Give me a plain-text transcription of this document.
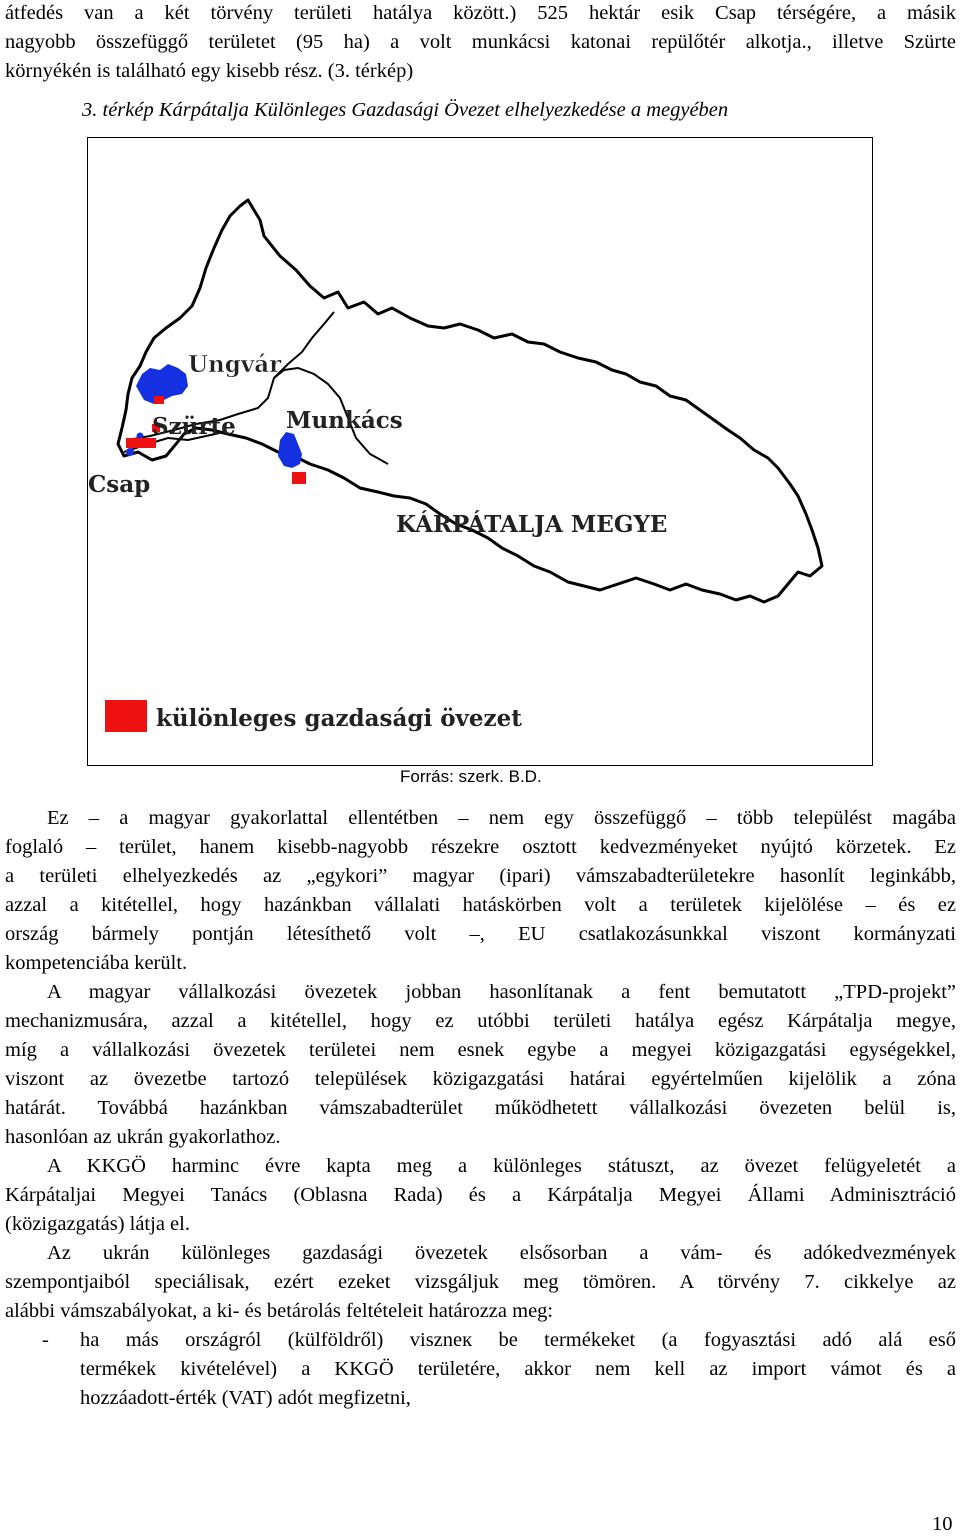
átfedés van a két törvény területi hatálya között.) 525 hektár esik Csap térségére, a másik
nagyobb összefüggő területet (95 ha) a volt munkácsi katonai repülőtér alkotja., illetve Szürte
környékén is található egy kisebb rész. (3. térkép)
3. térkép Kárpátalja Különleges Gazdasági Övezet elhelyezkedése a megyében
Ungvár
Szürte Munkács
Csap
KÁRPÁTALJA MEGYE
különleges gazdasági övezet
Forrás: szerk. B.D.
Ez – a magyar gyakorlattal ellentétben – nem egy összefüggő – több települést magába
foglaló – terület, hanem kisebb-nagyobb részekre osztott kedvezményeket nyújtó körzetek. Ez
a területi elhelyezkedés az „egykori” magyar (ipari) vámszabadterületekre hasonlít leginkább,
azzal a kitétellel, hogy hazánkban vállalati hatáskörben volt a területek kijelölése – és ez
ország bármely pontján létesíthető volt –, EU csatlakozásunkkal viszont kormányzati
kompetenciába került.
A magyar vállalkozási övezetek jobban hasonlítanak a fent bemutatott „TPD-projekt”
mechanizmusára, azzal a kitétellel, hogy ez utóbbi területi hatálya egész Kárpátalja megye,
míg a vállalkozási övezetek területei nem esnek egybe a megyei közigazgatási egységekkel,
viszont az övezetbe tartozó települések közigazgatási határai egyértelműen kijelölik a zóna
határát. Továbbá hazánkban vámszabadterület működhetett vállalkozási övezeten belül is,
hasonlóan az ukrán gyakorlathoz.
A KKGÖ harminc évre kapta meg a különleges státuszt, az övezet felügyeletét a
Kárpátaljai Megyei Tanács (Oblasna Rada) és a Kárpátalja Megyei Állami Adminisztráció
(közigazgatás) látja el.
Az ukrán különleges gazdasági övezetek elsősorban a vám- és adókedvezmények
szempontjaiból speciálisak, ezért ezeket vizsgáljuk meg tömören. A törvény 7. cikkelye az
alábbi vámszabályokat, a ki- és betárolás feltételeit határozza meg:
- ha más országról (külföldről) viszneк be termékeket (a fogyasztási adó alá eső
termékek kivételével) a KKGÖ területére, akkor nem kell az import vámot és a
hozzáadott-érték (VAT) adót megfizetni,
10
